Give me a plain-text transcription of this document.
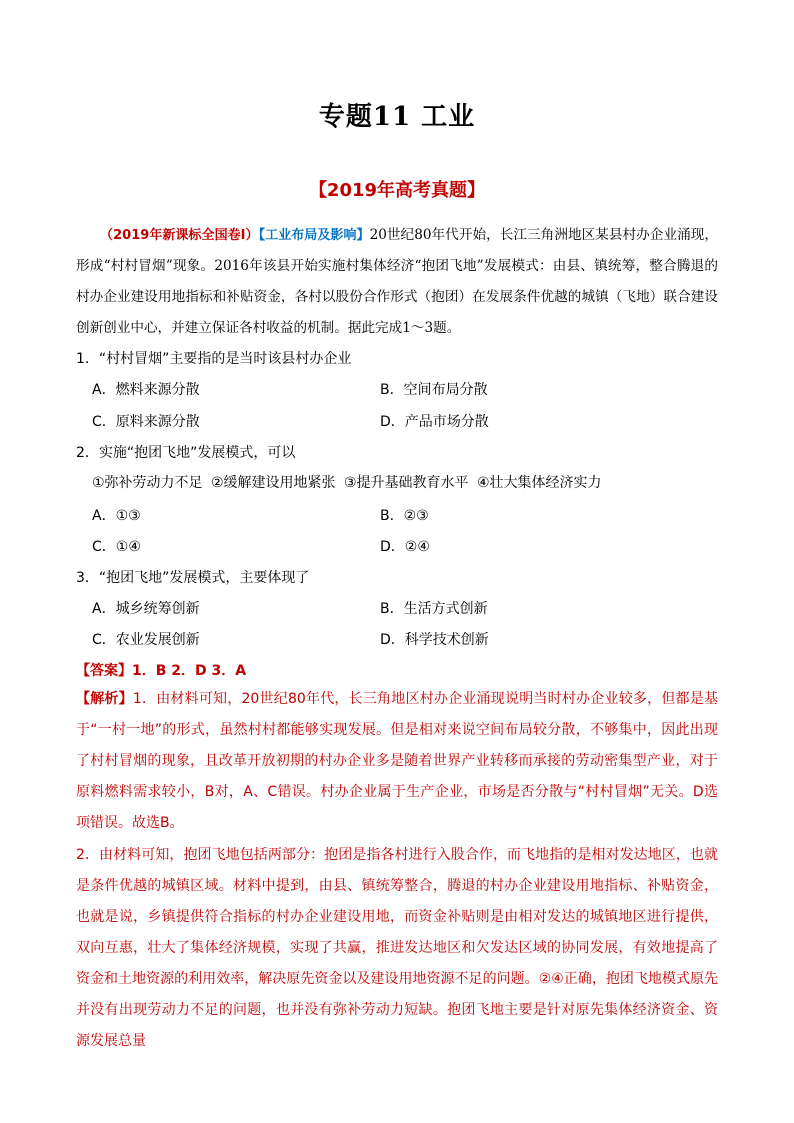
专题11 工业
【2019年高考真题】
（2019年新课标全国卷Ⅰ）【工业布局及影响】20世纪80年代开始，长江三角洲地区某县村办企业涌现，形成“村村冒烟”现象。2016年该县开始实施村集体经济“抱团飞地”发展模式：由县、镇统筹，整合腾退的村办企业建设用地指标和补贴资金，各村以股份合作形式（抱团）在发展条件优越的城镇（飞地）联合建设创新创业中心，并建立保证各村收益的机制。据此完成1～3题。
1．“村村冒烟”主要指的是当时该县村办企业
A．燃料来源分散	B．空间布局分散
C．原料来源分散	D．产品市场分散
2．实施“抱团飞地”发展模式，可以
①弥补劳动力不足 ②缓解建设用地紧张 ③提升基础教育水平 ④壮大集体经济实力
A．①③	B．②③
C．①④	D．②④
3．“抱团飞地”发展模式，主要体现了
A．城乡统筹创新	B．生活方式创新
C．农业发展创新	D．科学技术创新
【答案】1．B 2．D 3．A
【解析】1．由材料可知，20世纪80年代，长三角地区村办企业涌现说明当时村办企业较多，但都是基于“一村一地”的形式，虽然村村都能够实现发展。但是相对来说空间布局较分散，不够集中，因此出现了村村冒烟的现象，且改革开放初期的村办企业多是随着世界产业转移而承接的劳动密集型产业，对于原料燃料需求较小，B对，A、C错误。村办企业属于生产企业，市场是否分散与“村村冒烟”无关。D选项错误。故选B。
2．由材料可知，抱团飞地包括两部分：抱团是指各村进行入股合作，而飞地指的是相对发达地区，也就是条件优越的城镇区域。材料中提到，由县、镇统筹整合，腾退的村办企业建设用地指标、补贴资金，也就是说，乡镇提供符合指标的村办企业建设用地，而资金补贴则是由相对发达的城镇地区进行提供，双向互惠，壮大了集体经济规模，实现了共赢，推进发达地区和欠发达区域的协同发展，有效地提高了资金和土地资源的利用效率，解决原先资金以及建设用地资源不足的问题。②④正确，抱团飞地模式原先并没有出现劳动力不足的问题，也并没有弥补劳动力短缺。抱团飞地主要是针对原先集体经济资金、资源发展总量
